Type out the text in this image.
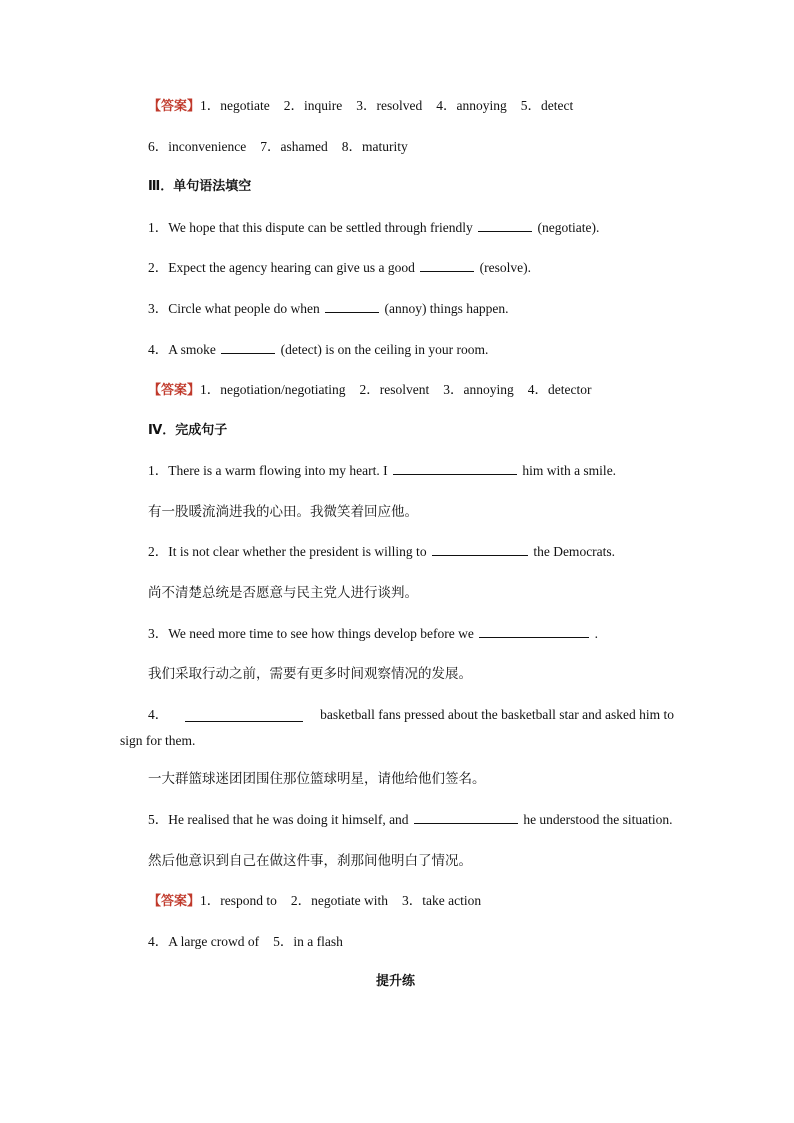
【答案】1．negotiate 2．inquire 3．resolved 4．annoying 5．detect
6．inconvenience 7．ashamed 8．maturity
Ⅲ．单句语法填空
1．We hope that this dispute can be settled through friendly	(negotiate).
2．Expect the agency hearing can give us a good	(resolve).
3．Circle what people do when	(annoy) things happen.
4．A smoke	(detect) is on the ceiling in your room.
【答案】1．negotiation/negotiating 2．resolvent 3．annoying 4．detector
Ⅳ．完成句子
1．There is a warm flowing into my heart. I	him with a smile.
有一股暖流淌进我的心田。我微笑着回应他。
2．It is not clear whether the president is willing to	the Democrats.
尚不清楚总统是否愿意与民主党人进行谈判。
3．We need more time to see how things develop before we	.
我们采取行动之前，需要有更多时间观察情况的发展。
4．	basketball fans pressed about the basketball star and asked him to
sign for them.
一大群篮球迷团团围住那位篮球明星，请他给他们签名。
5．He realised that he was doing it himself, and	he understood the situation.
然后他意识到自己在做这件事，刹那间他明白了情况。
【答案】1．respond to 2．negotiate with 3．take action
4．A large crowd of 5．in a flash
提升练
